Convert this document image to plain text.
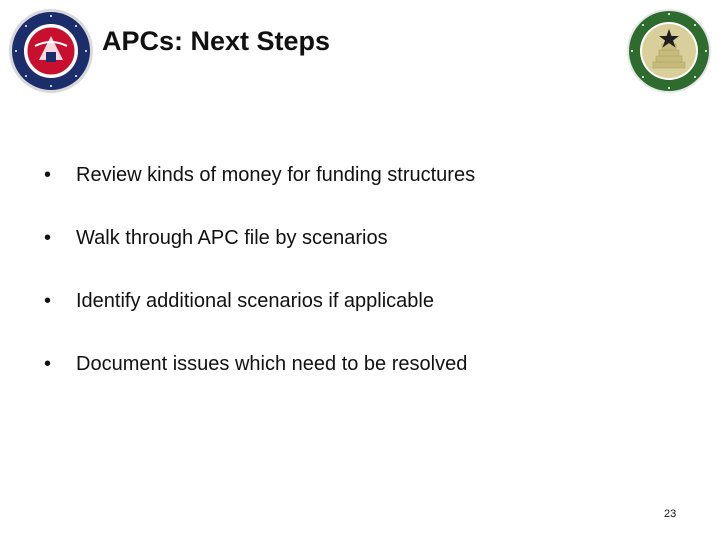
APCs: Next Steps
•	Review kinds of money for funding structures
•	Walk through APC file by scenarios
•	Identify additional scenarios if applicable
•	Document issues which need to be resolved
23
